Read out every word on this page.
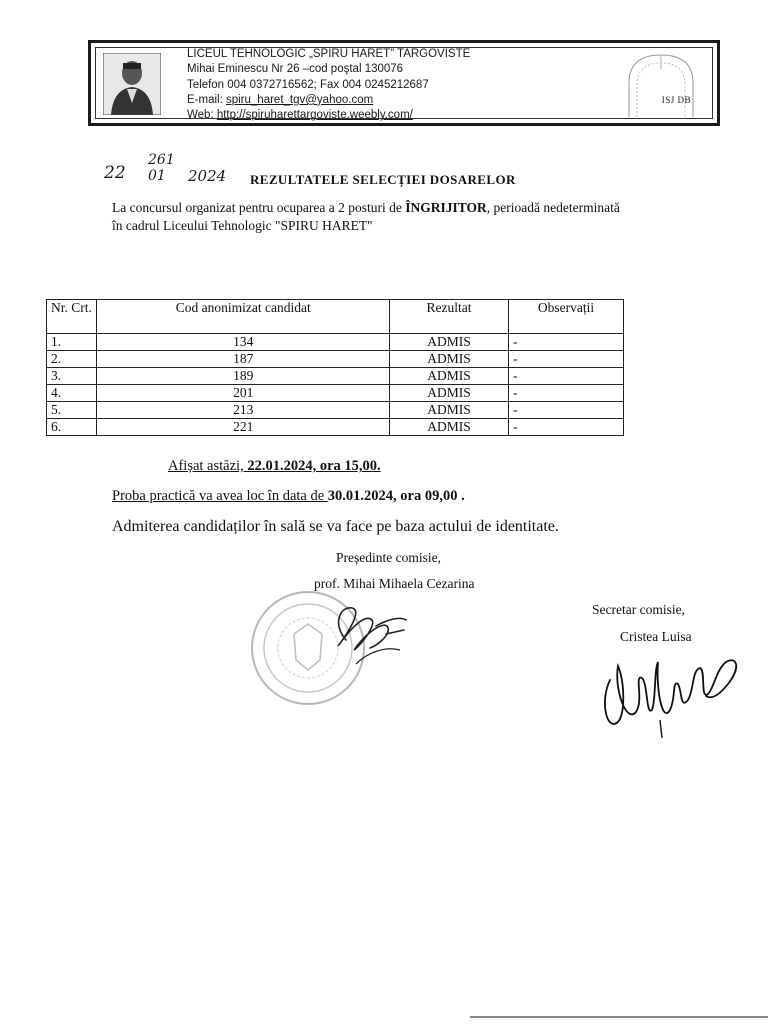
LICEUL TEHNOLOGIC „SPIRU HARET” TARGOVISTE
Mihai Eminescu Nr 26 –cod poştal 130076
Telefon 004 0372716562; Fax 004 0245212687
E-mail: spiru_haret_tgv@yahoo.com
Web: http://spiruharettargoviste.weebly.com/
ISJ DB
22
261
01 2024 REZULTATELE SELECȚIEI DOSARELOR
La concursul organizat pentru ocuparea a 2 posturi de ÎNGRIJITOR, perioadă nedeterminată în cadrul Liceului Tehnologic "SPIRU HARET"
Nr. Crt.	Cod anonimizat candidat	Rezultat	Observații
1.	134	ADMIS	-
2.	187	ADMIS	-
3.	189	ADMIS	-
4.	201	ADMIS	-
5.	213	ADMIS	-
6.	221	ADMIS	-
Afișat astăzi, 22.01.2024, ora 15,00.
Proba practică va avea loc în data de 30.01.2024, ora 09,00 .
Admiterea candidaților în sală se va face pe baza actului de identitate.
Președinte comisie,
prof. Mihai Mihaela Cezarina
Secretar comisie,
Cristea Luisa
